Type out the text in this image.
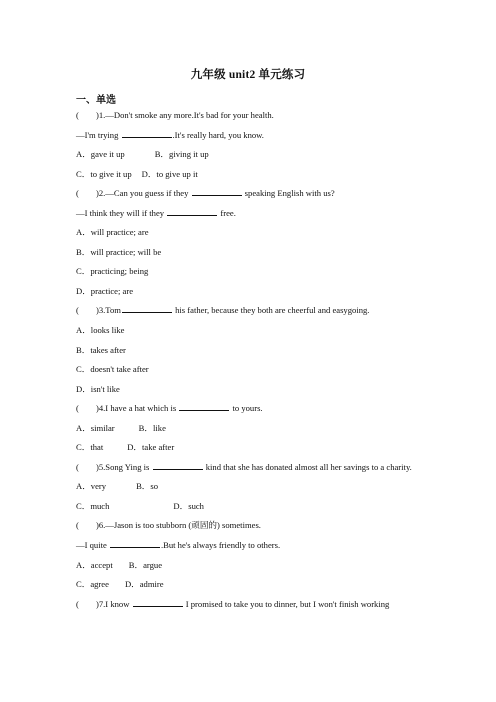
九年级 unit2 单元练习
一、单选
( )1.—Don't smoke any more.It's bad for your health.
—I'm trying	.It's really hard, you know.
A．gave it up	B．giving it up
C．to give it up D．to give up it
( )2.—Can you guess if they	speaking English with us?
—I think they will if they	free.
A．will practice; are
B．will practice; will be
C．practicing; being
D．practice; are
( )3.Tom	his father, because they both are cheerful and easygoing.
A．looks like
B．takes after
C．doesn't take after
D．isn't like
( )4.I have a hat which is	to yours.
A．similar	B．like
C．that	D．take after
( )5.Song Ying is	kind that she has donated almost all her savings to a charity.
A．very	B．so
C．much	D．such
( )6.—Jason is too stubborn (顽固的) sometimes.
—I quite	.But he's always friendly to others.
A．accept B．argue
C．agree D．admire
( )7.I know	I promised to take you to dinner, but I won't finish working
